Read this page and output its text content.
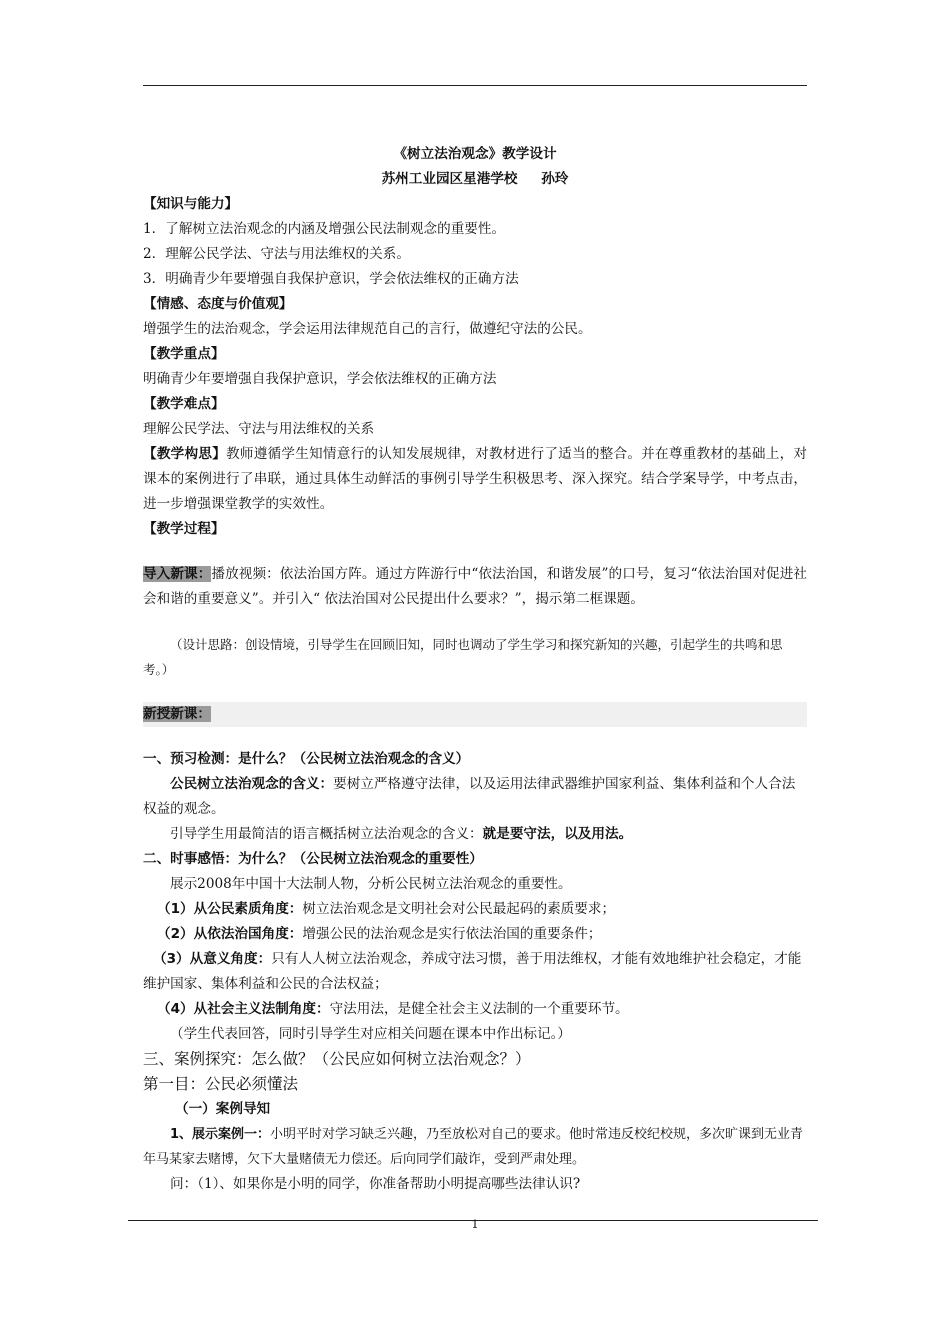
《树立法治观念》教学设计

苏州工业园区星港学校     孙玲

【知识与能力】

1．了解树立法治观念的内涵及增强公民法制观念的重要性。

2．理解公民学法、守法与用法维权的关系。

3．明确青少年要增强自我保护意识，学会依法维权的正确方法

【情感、态度与价值观】

增强学生的法治观念，学会运用法律规范自己的言行，做遵纪守法的公民。

【教学重点】

明确青少年要增强自我保护意识，学会依法维权的正确方法

【教学难点】

理解公民学法、守法与用法维权的关系

【教学构思】教师遵循学生知情意行的认知发展规律，对教材进行了适当的整合。并在尊重教材的基础上，对课本的案例进行了串联，通过具体生动鲜活的事例引导学生积极思考、深入探究。结合学案导学，中考点击，进一步增强课堂教学的实效性。

【教学过程】

导入新课：播放视频：依法治国方阵。通过方阵游行中“依法治国，和谐发展”的口号，复习“依法治国对促进社会和谐的重要意义”。并引入“ 依法治国对公民提出什么要求？”，揭示第二框课题。

（设计思路：创设情境，引导学生在回顾旧知，同时也调动了学生学习和探究新知的兴趣，引起学生的共鸣和思考。）

新授新课：

一、预习检测：是什么？（公民树立法治观念的含义）

公民树立法治观念的含义：要树立严格遵守法律，以及运用法律武器维护国家利益、集体利益和个人合法权益的观念。

引导学生用最简洁的语言概括树立法治观念的含义：就是要守法，以及用法。

二、时事感悟：为什么？（公民树立法治观念的重要性）

展示2008年中国十大法制人物，分析公民树立法治观念的重要性。

（1）从公民素质角度：树立法治观念是文明社会对公民最起码的素质要求；

（2）从依法治国角度：增强公民的法治观念是实行依法治国的重要条件；

（3）从意义角度：只有人人树立法治观念，养成守法习惯，善于用法维权，才能有效地维护社会稳定，才能维护国家、集体利益和公民的合法权益；

（4）从社会主义法制角度：守法用法，是健全社会主义法制的一个重要环节。

（学生代表回答，同时引导学生对应相关问题在课本中作出标记。）

三、案例探究：怎么做？（公民应如何树立法治观念？）

第一目：公民必须懂法

（一）案例导知

1、展示案例一：小明平时对学习缺乏兴趣，乃至放松对自己的要求。他时常违反校纪校规，多次旷课到无业青年马某家去赌博，欠下大量赌债无力偿还。后向同学们敲诈，受到严肃处理。

问：（1）、如果你是小明的同学，你准备帮助小明提高哪些法律认识?

1
